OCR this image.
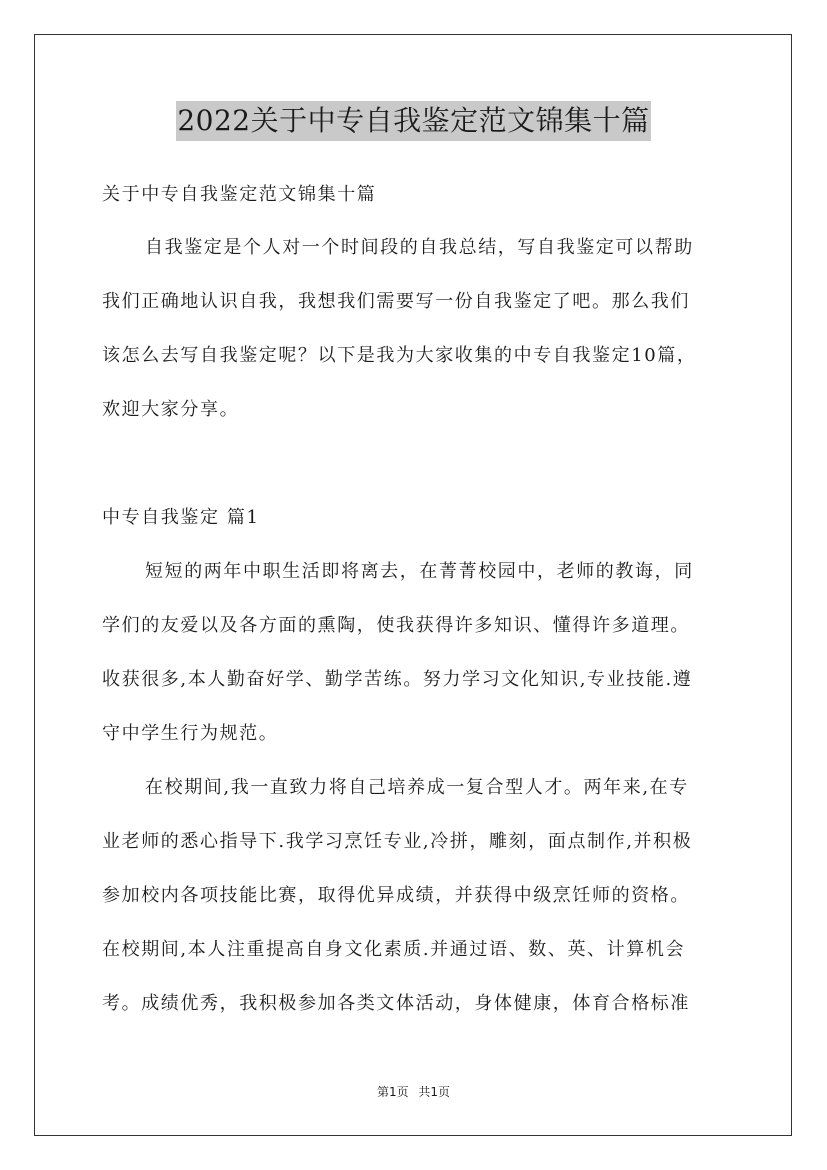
2022关于中专自我鉴定范文锦集十篇
关于中专自我鉴定范文锦集十篇
自我鉴定是个人对一个时间段的自我总结，写自我鉴定可以帮助
我们正确地认识自我，我想我们需要写一份自我鉴定了吧。那么我们
该怎么去写自我鉴定呢？以下是我为大家收集的中专自我鉴定10篇，
欢迎大家分享。
中专自我鉴定 篇1
短短的两年中职生活即将离去，在菁菁校园中，老师的教诲，同
学们的友爱以及各方面的熏陶，使我获得许多知识、懂得许多道理。
收获很多,本人勤奋好学、勤学苦练。努力学习文化知识,专业技能.遵
守中学生行为规范。
在校期间,我一直致力将自己培养成一复合型人才。两年来,在专
业老师的悉心指导下.我学习烹饪专业,冷拼，雕刻，面点制作,并积极
参加校内各项技能比赛，取得优异成绩，并获得中级烹饪师的资格。
在校期间,本人注重提高自身文化素质.并通过语、数、英、计算机会
考。成绩优秀，我积极参加各类文体活动，身体健康，体育合格标准
第1页 共1页
